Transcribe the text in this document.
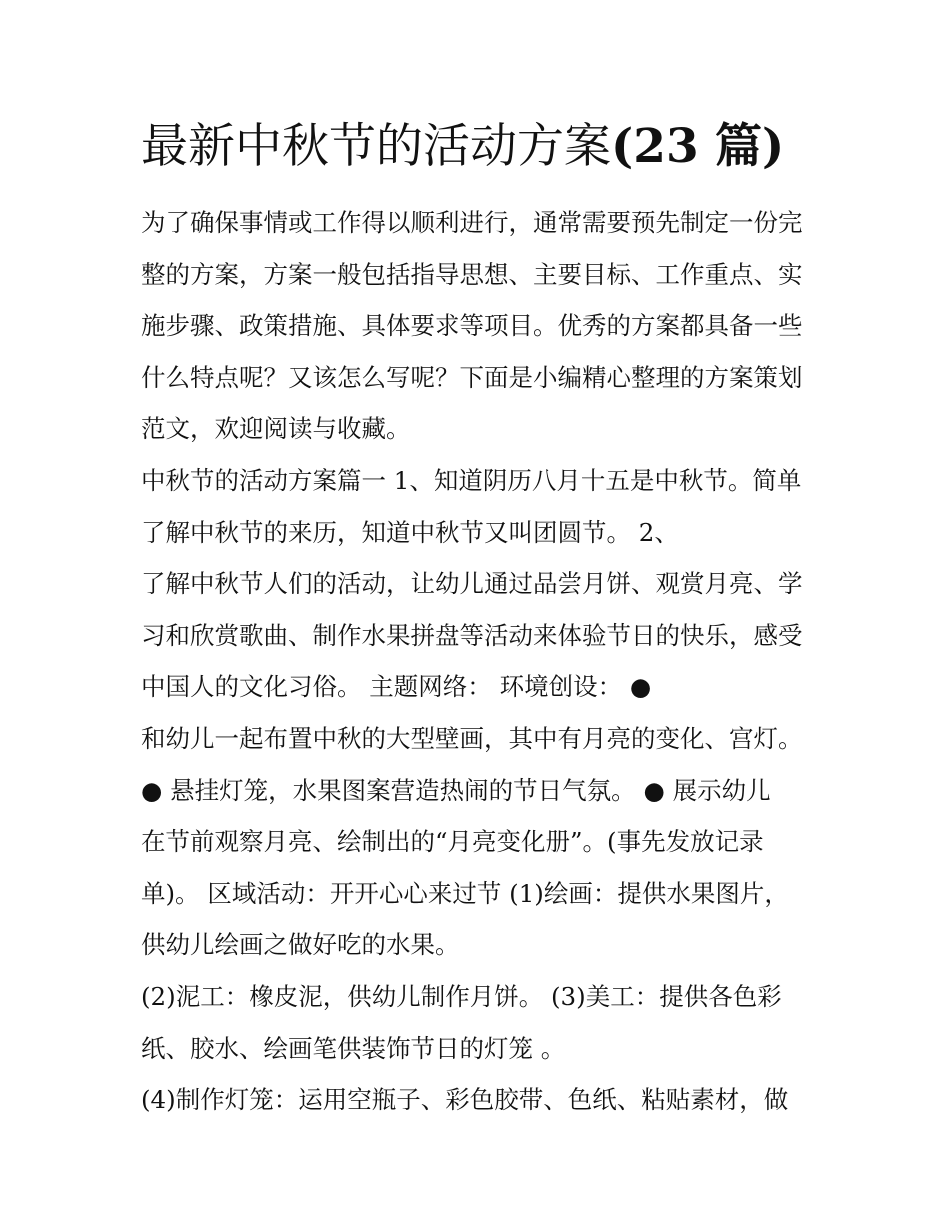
最新中秋节的活动方案(23 篇)
为了确保事情或工作得以顺利进行，通常需要预先制定一份完
整的方案，方案一般包括指导思想、主要目标、工作重点、实
施步骤、政策措施、具体要求等项目。优秀的方案都具备一些
什么特点呢？又该怎么写呢？下面是小编精心整理的方案策划
范文，欢迎阅读与收藏。
中秋节的活动方案篇一 1、知道阴历八月十五是中秋节。简单
了解中秋节的来历，知道中秋节又叫团圆节。 2、
了解中秋节人们的活动，让幼儿通过品尝月饼、观赏月亮、学
习和欣赏歌曲、制作水果拼盘等活动来体验节日的快乐，感受
中国人的文化习俗。 主题网络： 环境创设： ●
和幼儿一起布置中秋的大型壁画，其中有月亮的变化、宫灯。
● 悬挂灯笼，水果图案营造热闹的节日气氛。 ● 展示幼儿
在节前观察月亮、绘制出的“月亮变化册”。(事先发放记录
单)。 区域活动：开开心心来过节 (1)绘画：提供水果图片，
供幼儿绘画之做好吃的水果。
(2)泥工：橡皮泥，供幼儿制作月饼。 (3)美工：提供各色彩
纸、胶水、绘画笔供装饰节日的灯笼 。
(4)制作灯笼：运用空瓶子、彩色胶带、色纸、粘贴素材，做
